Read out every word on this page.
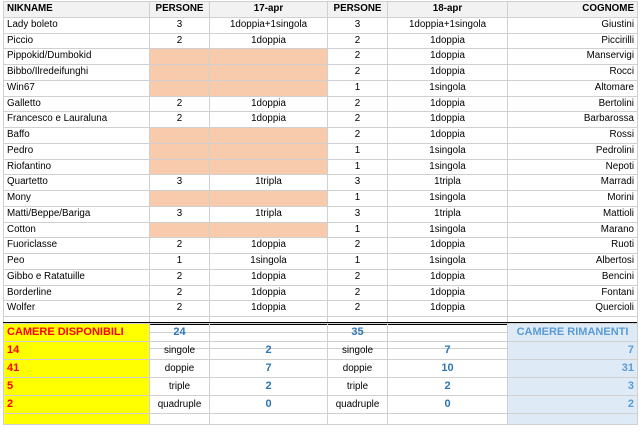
NIKNAME	PERSONE	17-apr	PERSONE	18-apr	COGNOME
Lady boleto	3	1doppia+1singola	3	1doppia+1singola	Giustini
Piccio	2	1doppia	2	1doppia	Piccirilli
Pippokid/Dumbokid			2	1doppia	Manservigi
Bibbo/Ilredeifunghi			2	1doppia	Rocci
Win67			1	1singola	Altomare
Galletto	2	1doppia	2	1doppia	Bertolini
Francesco e Lauraluna	2	1doppia	2	1doppia	Barbarossa
Baffo			2	1doppia	Rossi
Pedro			1	1singola	Pedrolini
Riofantino			1	1singola	Nepoti
Quartetto	3	1tripla	3	1tripla	Marradi
Mony			1	1singola	Morini
Matti/Beppe/Bariga	3	1tripla	3	1tripla	Mattioli
Cotton			1	1singola	Marano
Fuoriclasse	2	1doppia	2	1doppia	Ruoti
Peo	1	1singola	1	1singola	Albertosi
Gibbo e Ratatuille	2	1doppia	2	1doppia	Bencini
Borderline	2	1doppia	2	1doppia	Fontani
Wolfer	2	1doppia	2	1doppia	Quercioli

CAMERE DISPONIBILI	24		35		CAMERE RIMANENTI
14	singole	2	singole	7	7
41	doppie	7	doppie	10	31
5	triple	2	triple	2	3
2	quadruple	0	quadruple	0	2
